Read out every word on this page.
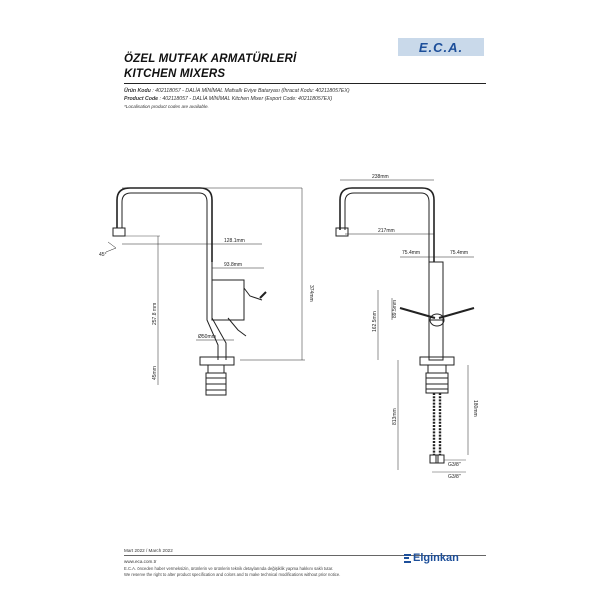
E.C.A.
ÖZEL MUTFAK ARMATÜRLERİ
KITCHEN MIXERS
Ürün Kodu : 402118057 - DALİA MİNİMAL Mafsallı Eviye Bataryası (İhracat Kodu: 402118057EX)
Product Code : 402118057 - DALİA MİNİMAL Kitchen Mixer (Export Code: 402118057EX)
*Localisation product codes are available.
128.1mm
93.8mm
Ø50mm
45°
257.8 mm
374mm
45mm
238mm
217mm
75.4mm	75.4mm
89.5mm
162.5mm
813mm	180mm
G3/8"
G3/8"
Mart 2022 / March 2022
www.eca.com.tr
E.C.A. önceden haber vermeksizin, ürünlerin ve ürünlerin teknik detaylarında değişiklik yapma hakkını saklı tutar.
We reserve the right to alter product specification and colors and to make technical modifications without prior notice.
Elginkan
